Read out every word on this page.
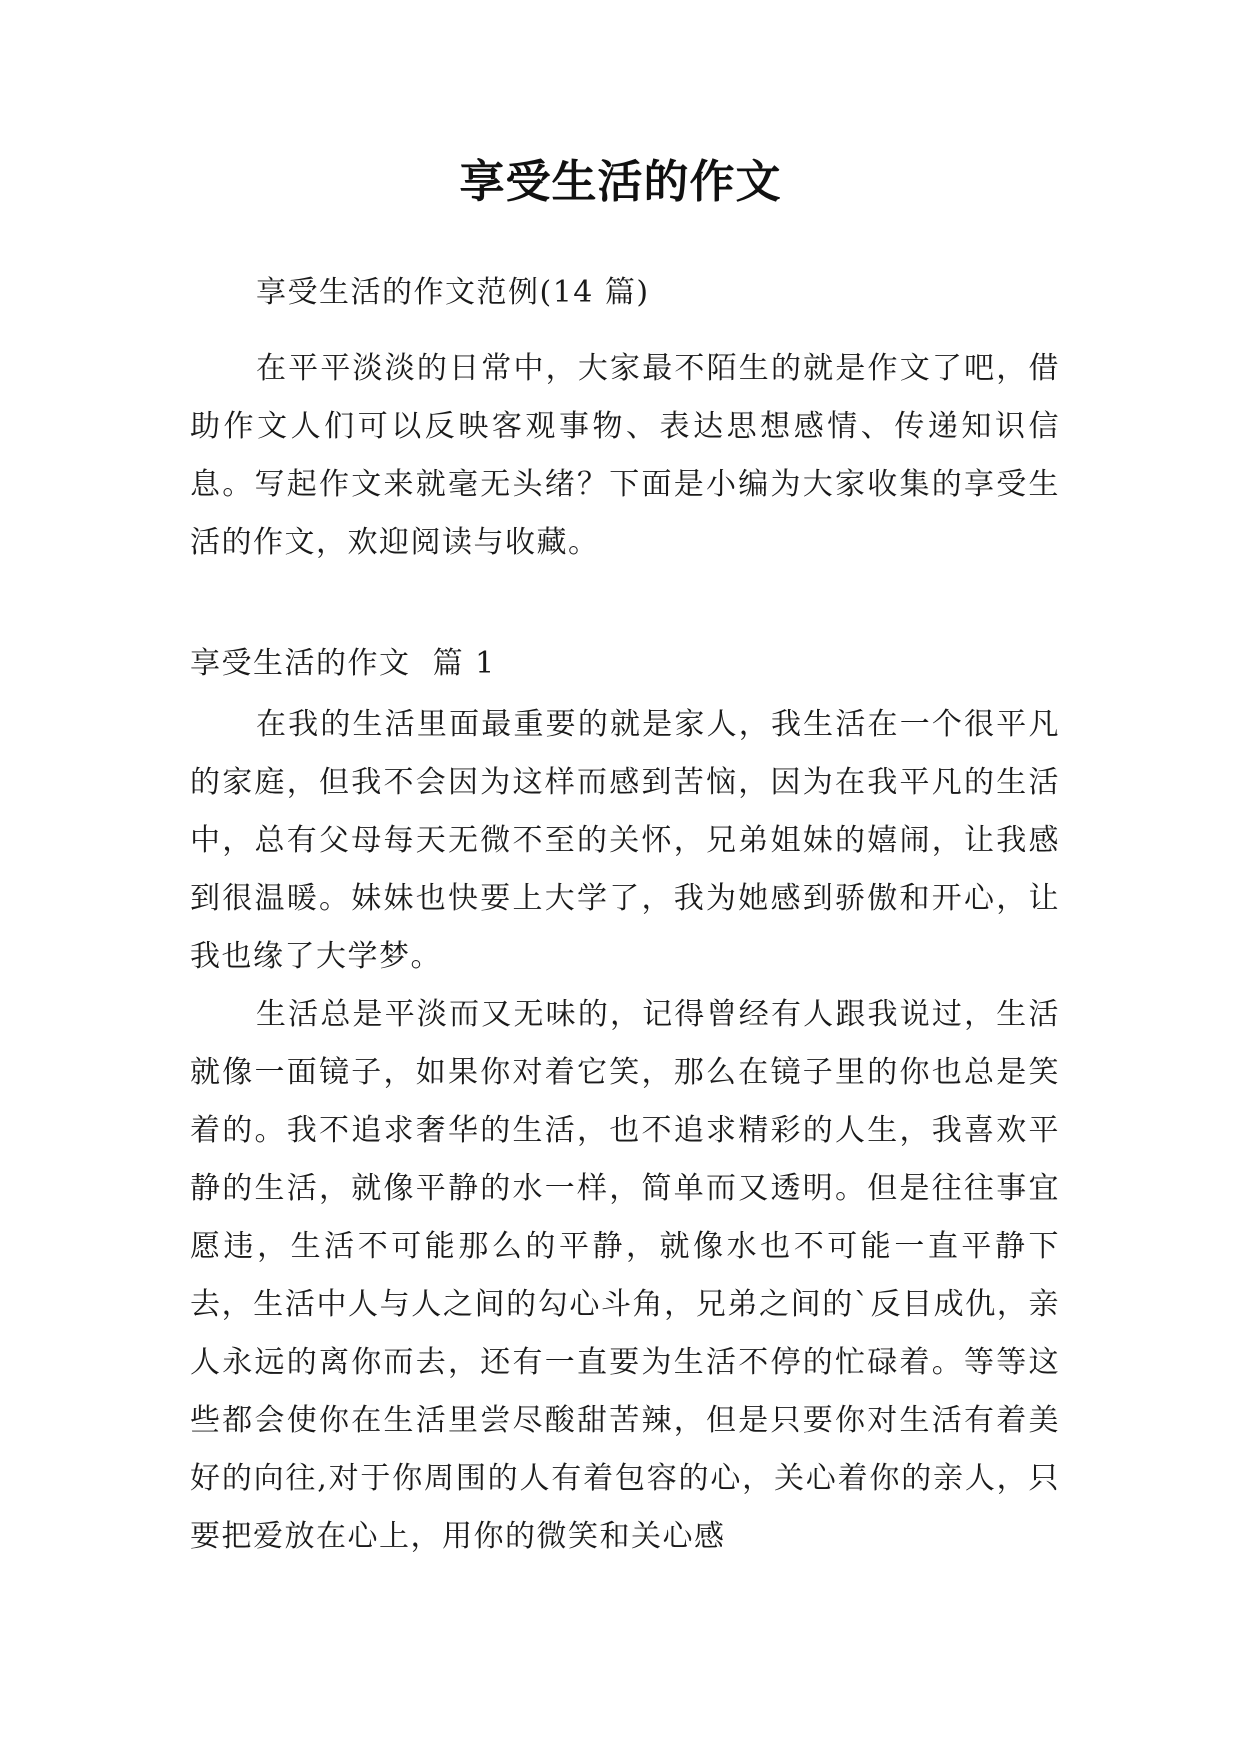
享受生活的作文
享受生活的作文范例(14 篇)
在平平淡淡的日常中，大家最不陌生的就是作文了吧，借助作文人们可以反映客观事物、表达思想感情、传递知识信息。写起作文来就毫无头绪？下面是小编为大家收集的享受生活的作文，欢迎阅读与收藏。
享受生活的作文  篇 1
在我的生活里面最重要的就是家人，我生活在一个很平凡的家庭，但我不会因为这样而感到苦恼，因为在我平凡的生活中，总有父母每天无微不至的关怀，兄弟姐妹的嬉闹，让我感到很温暖。妹妹也快要上大学了，我为她感到骄傲和开心，让我也缘了大学梦。
生活总是平淡而又无味的，记得曾经有人跟我说过，生活就像一面镜子，如果你对着它笑，那么在镜子里的你也总是笑着的。我不追求奢华的生活，也不追求精彩的人生，我喜欢平静的生活，就像平静的水一样，简单而又透明。但是往往事宜愿违，生活不可能那么的平静，就像水也不可能一直平静下去，生活中人与人之间的勾心斗角，兄弟之间的`反目成仇，亲人永远的离你而去，还有一直要为生活不停的忙碌着。等等这些都会使你在生活里尝尽酸甜苦辣，但是只要你对生活有着美好的向往,对于你周围的人有着包容的心，关心着你的亲人，只要把爱放在心上，用你的微笑和关心感
